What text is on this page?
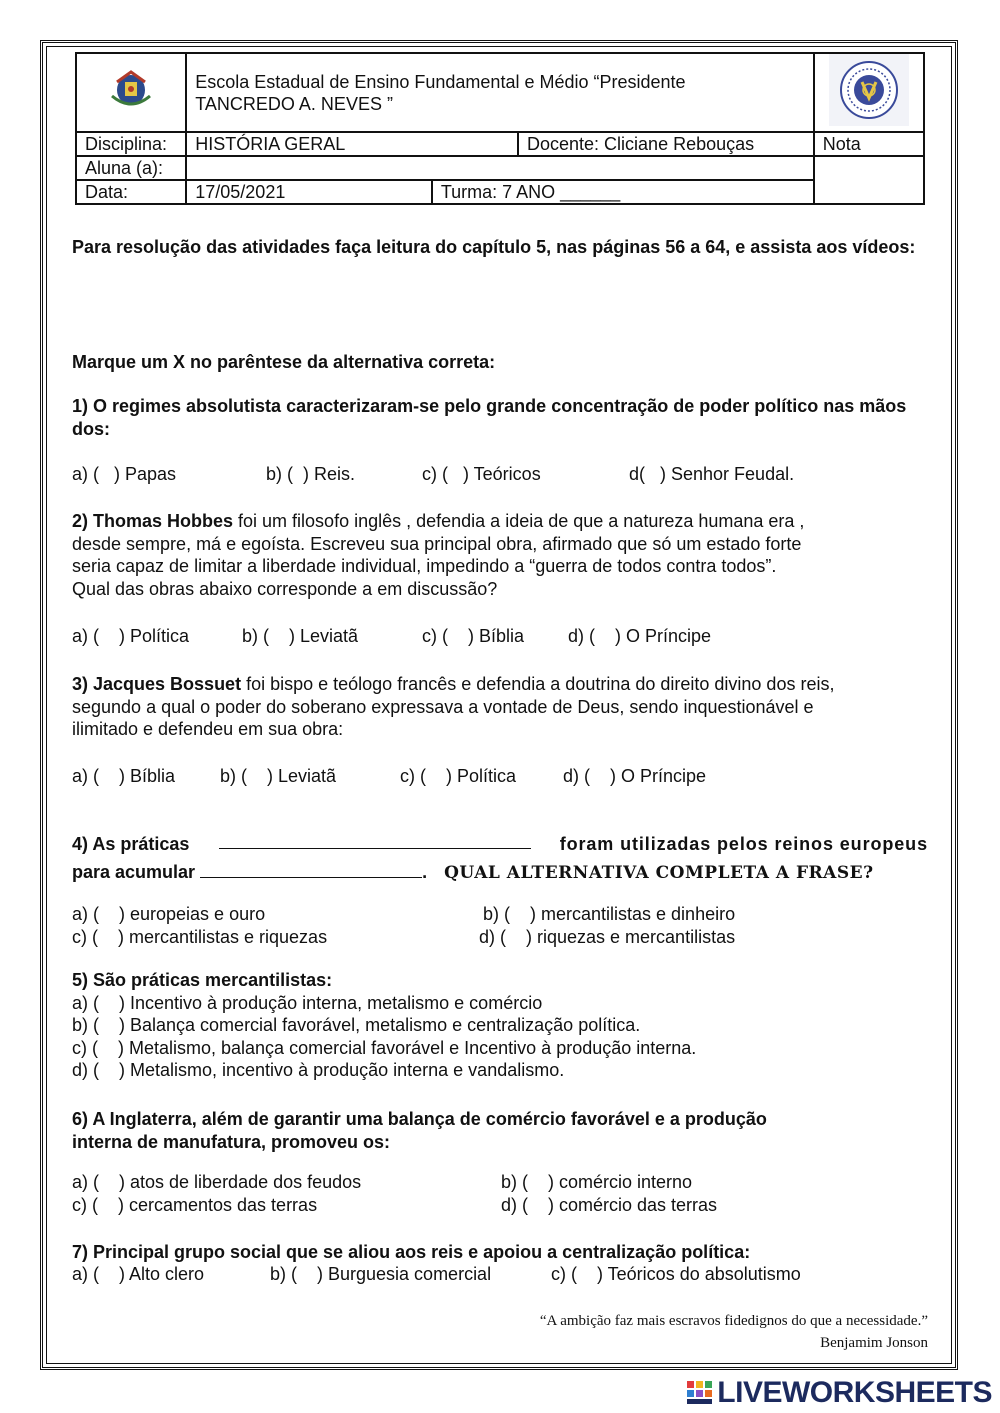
Escola Estadual de Ensino Fundamental e Médio “Presidente
TANCREDO A. NEVES ”

Disciplina:	HISTÓRIA GERAL		Docente: Cliciane Rebouças	Nota
Aluna (a):				
Data:	17/05/2021	Turma: 7 ANO ______		
Para resolução das atividades faça leitura do capítulo 5, nas páginas 56 a 64, e assista aos vídeos:
Marque um X no parêntese da alternativa correta:
1) O regimes absolutista caracterizaram-se pelo grande concentração de poder político nas mãos dos:
a) (   ) Papas	b) (  ) Reis.	c) (   ) Teóricos	d(   ) Senhor Feudal.
2) Thomas Hobbes foi um filosofo inglês , defendia a ideia de que a natureza humana era ,
desde sempre, má e egoísta. Escreveu sua principal obra, afirmado que só um estado forte
seria capaz de limitar a liberdade individual, impedindo a “guerra de todos contra todos”.
Qual das obras abaixo corresponde a em discussão?
a) (    ) Política	b) (    ) Leviatã	c) (    ) Bíblia d) (    ) O Príncipe
3) Jacques Bossuet foi bispo e teólogo francês e defendia a doutrina do direito divino dos reis,
segundo a qual o poder do soberano expressava a vontade de Deus, sendo inquestionável e
ilimitado e defendeu em sua obra:
a) (    ) Bíblia b) (    ) Leviatã	c) (    ) Política	d) (    ) O Príncipe
4) As práticas	foram utilizadas pelos reinos europeus
para acumular	. QUAL ALTERNATIVA COMPLETA A FRASE?
a) (    ) europeias e ouro	b) (    ) mercantilistas e dinheiro
c) (    ) mercantilistas e riquezas	d) (    ) riquezas e mercantilistas
5) São práticas mercantilistas:
a) (    ) Incentivo à produção interna, metalismo e comércio
b) (    ) Balança comercial favorável, metalismo e centralização política.
c) (    ) Metalismo, balança comercial favorável e Incentivo à produção interna.
d) (    ) Metalismo, incentivo à produção interna e vandalismo.
6) A Inglaterra, além de garantir uma balança de comércio favorável e a produção
interna de manufatura, promoveu os:
a) (    ) atos de liberdade dos feudos	b) (    ) comércio interno
c) (    ) cercamentos das terras	d) (    ) comércio das terras
7) Principal grupo social que se aliou aos reis e apoiou a centralização política:
a) (    ) Alto clero	b) (    ) Burguesia comercial	c) (    ) Teóricos do absolutismo
“A ambição faz mais escravos fidedignos do que a necessidade.”
Benjamim Jonson
LIVEWORKSHEETS
